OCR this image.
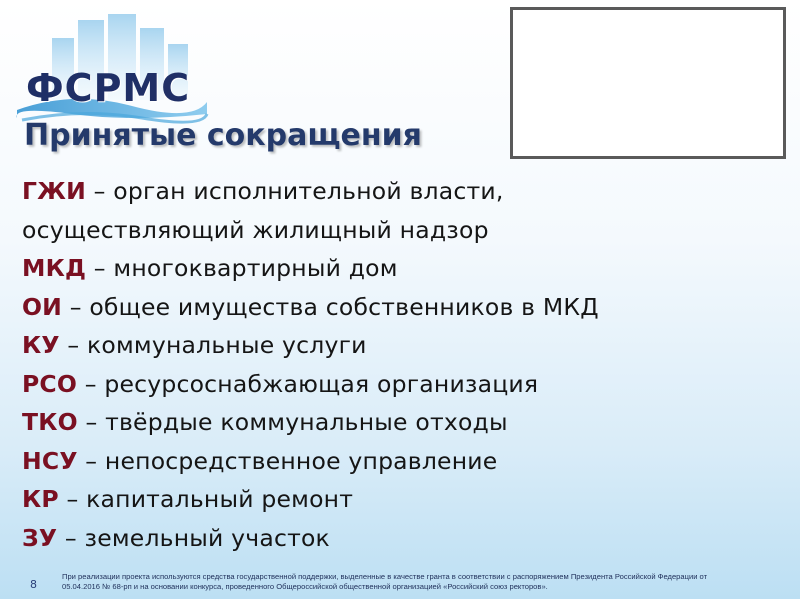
ФСРМС
Принятые сокращения
ГЖИ – орган исполнительной власти,
осуществляющий жилищный надзор
МКД – многоквартирный дом
ОИ – общее имущества собственников в МКД
КУ – коммунальные услуги
РСО – ресурсоснабжающая организация
ТКО – твёрдые коммунальные отходы
НСУ – непосредственное управление
КР – капитальный ремонт
ЗУ – земельный участок
8
При реализации проекта используются средства государственной поддержки, выделенные в качестве гранта в соответствии с распоряжением Президента Российской Федерации от
05.04.2016 № 68-рп и на основании конкурса, проведенного Общероссийской общественной организацией «Российский союз ректоров».
